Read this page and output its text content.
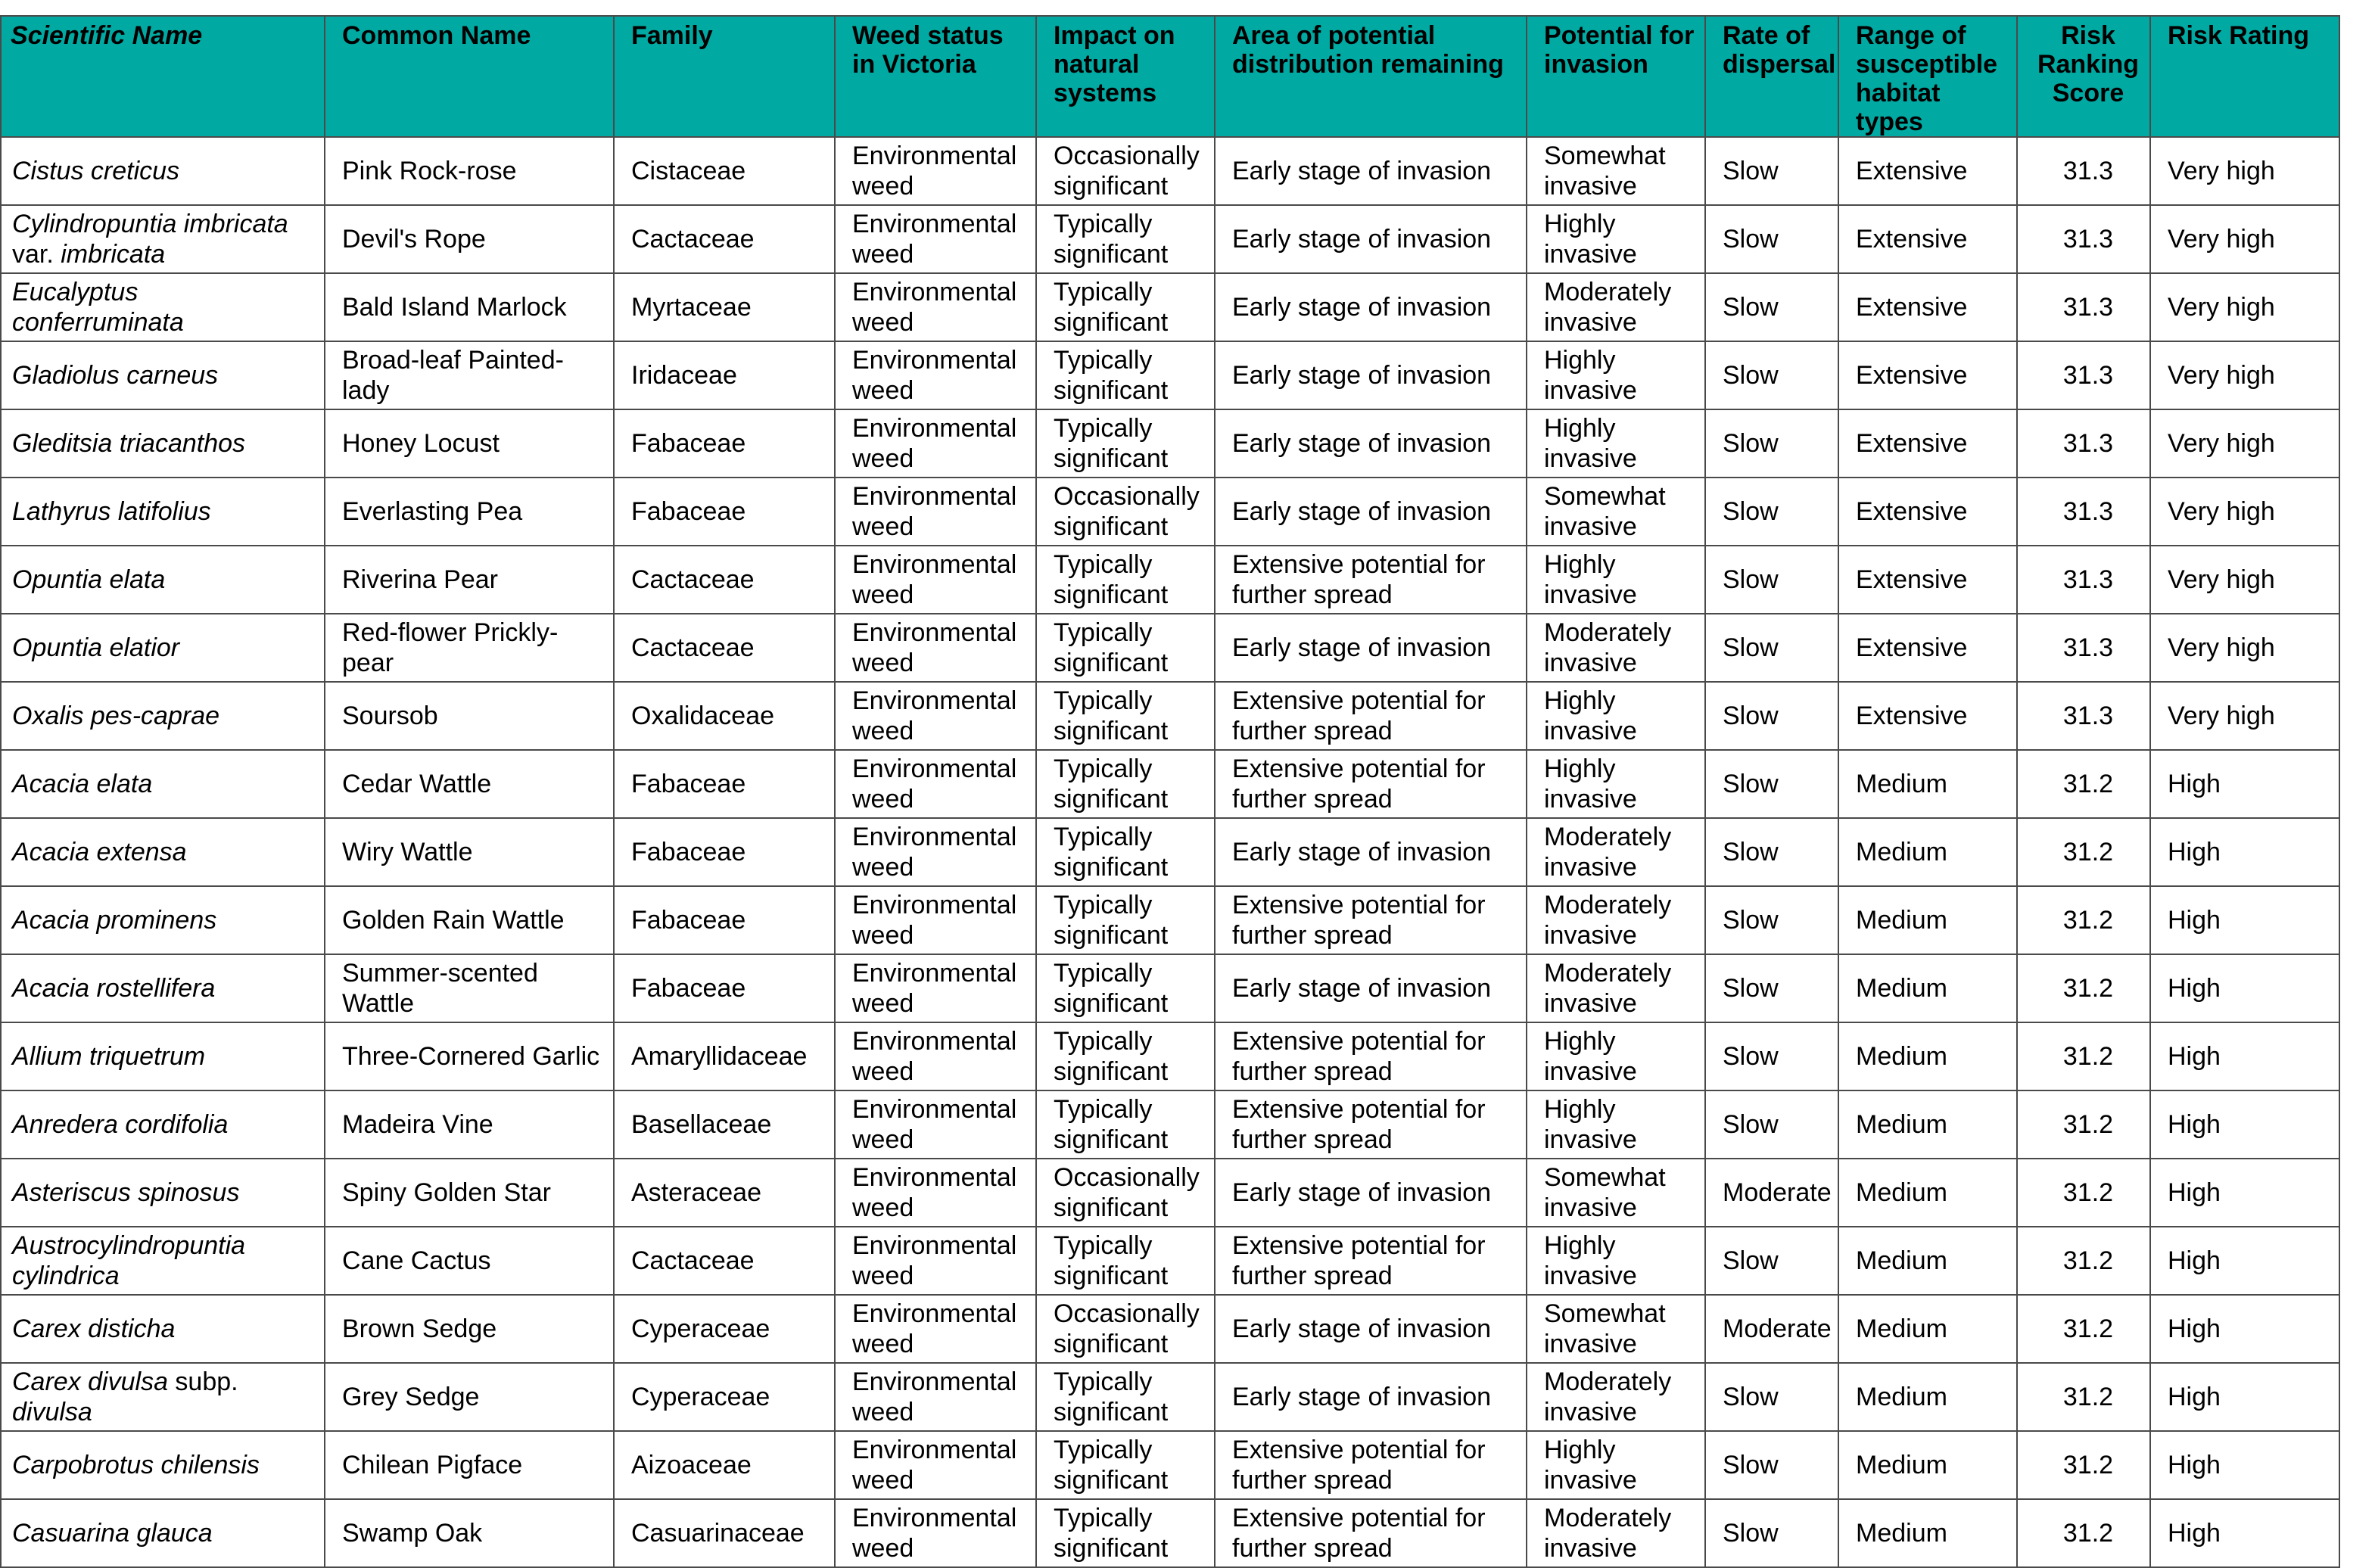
Scientific Name	Common Name	Family	Weed status in Victoria	Impact on natural systems	Area of potential distribution remaining	Potential for invasion	Rate of dispersal	Range of susceptible habitat types	Risk Ranking Score	Risk Rating
Cistus creticus	Pink Rock-rose	Cistaceae	Environmental weed	Occasionally significant	Early stage of invasion	Somewhat invasive	Slow	Extensive	31.3	Very high
Cylindropuntia imbricata var. imbricata	Devil's Rope	Cactaceae	Environmental weed	Typically significant	Early stage of invasion	Highly invasive	Slow	Extensive	31.3	Very high
Eucalyptus conferruminata	Bald Island Marlock	Myrtaceae	Environmental weed	Typically significant	Early stage of invasion	Moderately invasive	Slow	Extensive	31.3	Very high
Gladiolus carneus	Broad-leaf Painted-lady	Iridaceae	Environmental weed	Typically significant	Early stage of invasion	Highly invasive	Slow	Extensive	31.3	Very high
Gleditsia triacanthos	Honey Locust	Fabaceae	Environmental weed	Typically significant	Early stage of invasion	Highly invasive	Slow	Extensive	31.3	Very high
Lathyrus latifolius	Everlasting Pea	Fabaceae	Environmental weed	Occasionally significant	Early stage of invasion	Somewhat invasive	Slow	Extensive	31.3	Very high
Opuntia elata	Riverina Pear	Cactaceae	Environmental weed	Typically significant	Extensive potential for further spread	Highly invasive	Slow	Extensive	31.3	Very high
Opuntia elatior	Red-flower Prickly-pear	Cactaceae	Environmental weed	Typically significant	Early stage of invasion	Moderately invasive	Slow	Extensive	31.3	Very high
Oxalis pes-caprae	Soursob	Oxalidaceae	Environmental weed	Typically significant	Extensive potential for further spread	Highly invasive	Slow	Extensive	31.3	Very high
Acacia elata	Cedar Wattle	Fabaceae	Environmental weed	Typically significant	Extensive potential for further spread	Highly invasive	Slow	Medium	31.2	High
Acacia extensa	Wiry Wattle	Fabaceae	Environmental weed	Typically significant	Early stage of invasion	Moderately invasive	Slow	Medium	31.2	High
Acacia prominens	Golden Rain Wattle	Fabaceae	Environmental weed	Typically significant	Extensive potential for further spread	Moderately invasive	Slow	Medium	31.2	High
Acacia rostellifera	Summer-scented Wattle	Fabaceae	Environmental weed	Typically significant	Early stage of invasion	Moderately invasive	Slow	Medium	31.2	High
Allium triquetrum	Three-Cornered Garlic	Amaryllidaceae	Environmental weed	Typically significant	Extensive potential for further spread	Highly invasive	Slow	Medium	31.2	High
Anredera cordifolia	Madeira Vine	Basellaceae	Environmental weed	Typically significant	Extensive potential for further spread	Highly invasive	Slow	Medium	31.2	High
Asteriscus spinosus	Spiny Golden Star	Asteraceae	Environmental weed	Occasionally significant	Early stage of invasion	Somewhat invasive	Moderate	Medium	31.2	High
Austrocylindropuntia cylindrica	Cane Cactus	Cactaceae	Environmental weed	Typically significant	Extensive potential for further spread	Highly invasive	Slow	Medium	31.2	High
Carex disticha	Brown Sedge	Cyperaceae	Environmental weed	Occasionally significant	Early stage of invasion	Somewhat invasive	Moderate	Medium	31.2	High
Carex divulsa subp. divulsa	Grey Sedge	Cyperaceae	Environmental weed	Typically significant	Early stage of invasion	Moderately invasive	Slow	Medium	31.2	High
Carpobrotus chilensis	Chilean Pigface	Aizoaceae	Environmental weed	Typically significant	Extensive potential for further spread	Highly invasive	Slow	Medium	31.2	High
Casuarina glauca	Swamp Oak	Casuarinaceae	Environmental weed	Typically significant	Extensive potential for further spread	Moderately invasive	Slow	Medium	31.2	High
